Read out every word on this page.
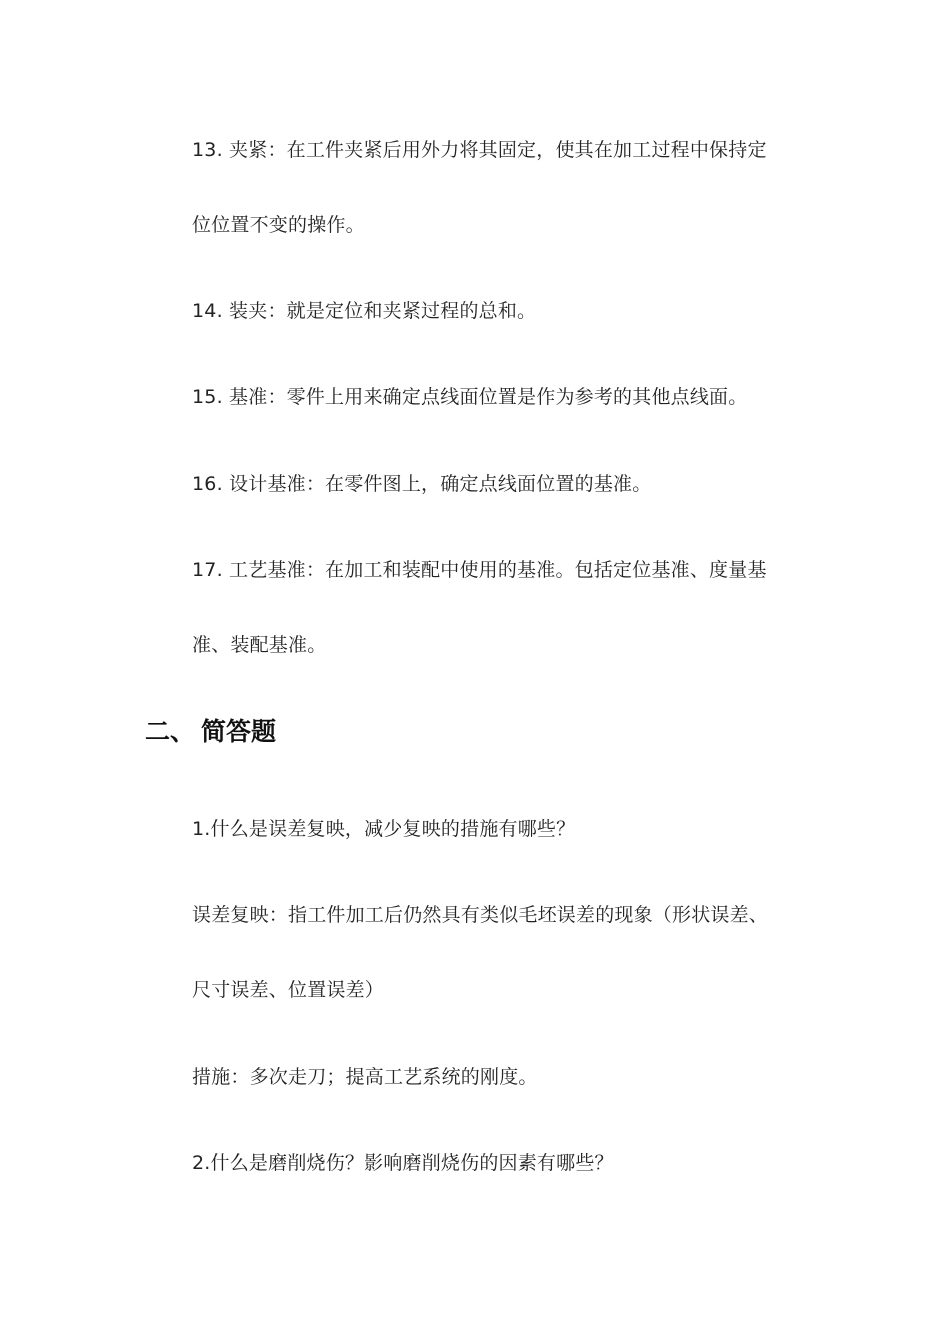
13. 夹紧：在工件夹紧后用外力将其固定，使其在加工过程中保持定
位位置不变的操作。
14. 装夹：就是定位和夹紧过程的总和。
15. 基准：零件上用来确定点线面位置是作为参考的其他点线面。
16. 设计基准：在零件图上，确定点线面位置的基准。
17. 工艺基准：在加工和装配中使用的基准。包括定位基准、度量基
准、装配基准。
二、 简答题
1.什么是误差复映，减少复映的措施有哪些？
误差复映：指工件加工后仍然具有类似毛坯误差的现象（形状误差、
尺寸误差、位置误差）
措施：多次走刀；提高工艺系统的刚度。
2.什么是磨削烧伤？影响磨削烧伤的因素有哪些？
